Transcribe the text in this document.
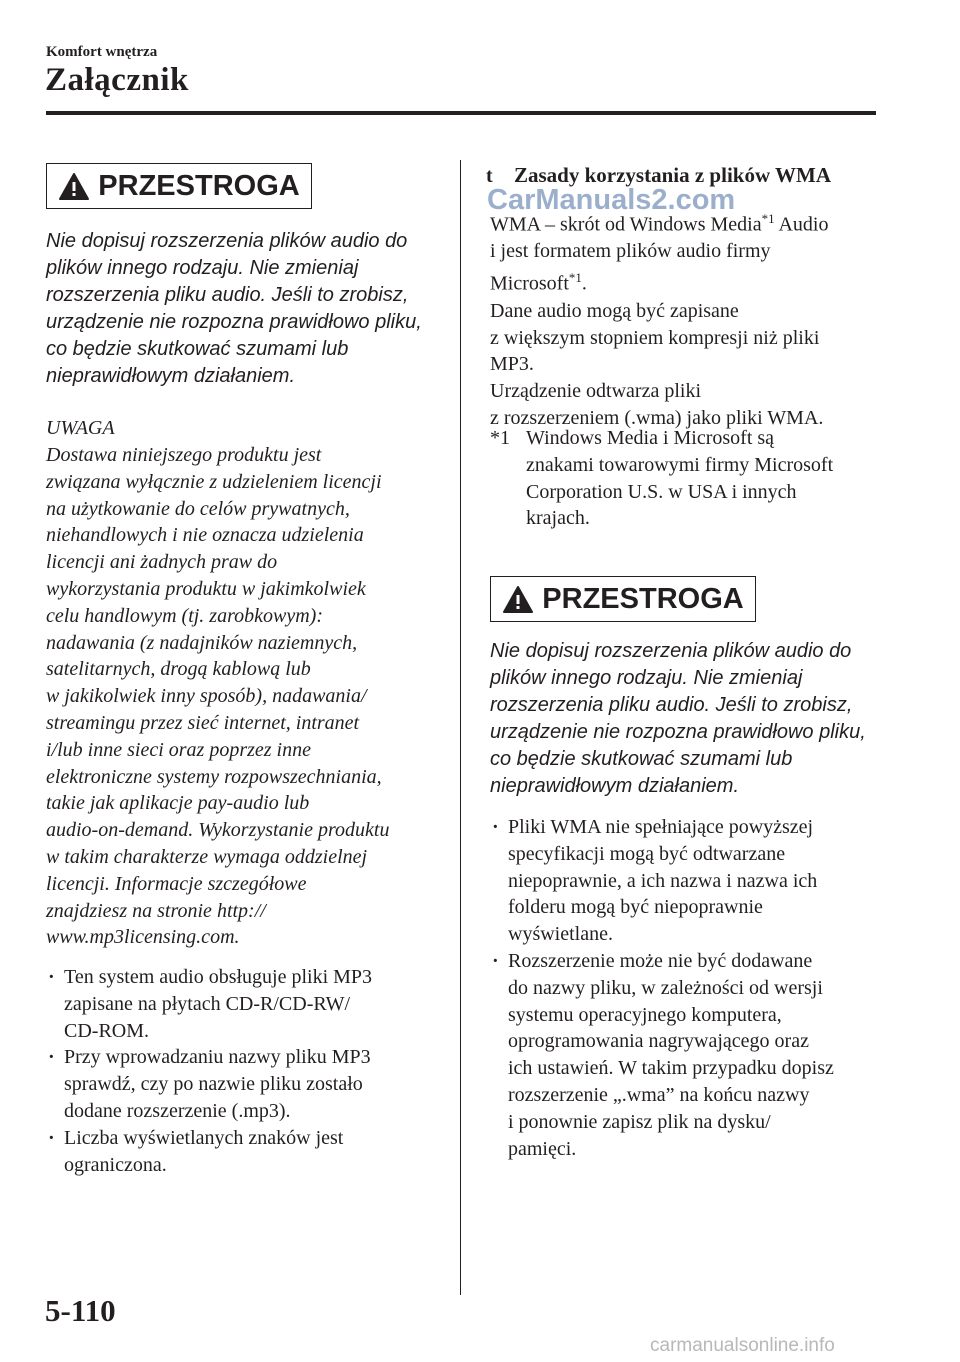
Komfort wnętrza
Załącznik
PRZESTROGA

Nie dopisuj rozszerzenia plików audio do
plików innego rodzaju. Nie zmieniaj
rozszerzenia pliku audio. Jeśli to zrobisz,
urządzenie nie rozpozna prawidłowo pliku,
co będzie skutkować szumami lub
nieprawidłowym działaniem.

UWAGA

Dostawa niniejszego produktu jest
związana wyłącznie z udzieleniem licencji
na użytkowanie do celów prywatnych,
niehandlowych i nie oznacza udzielenia
licencji ani żadnych praw do
wykorzystania produktu w jakimkolwiek
celu handlowym (tj. zarobkowym):
nadawania (z nadajników naziemnych,
satelitarnych, drogą kablową lub
w jakikolwiek inny sposób), nadawania/
streamingu przez sieć internet, intranet
i/lub inne sieci oraz poprzez inne
elektroniczne systemy rozpowszechniania,
takie jak aplikacje pay-audio lub
audio-on-demand. Wykorzystanie produktu
w takim charakterze wymaga oddzielnej
licencji. Informacje szczegółowe
znajdziesz na stronie http://
www.mp3licensing.com.

· Ten system audio obsługuje pliki MP3
zapisane na płytach CD-R/CD-RW/
CD-ROM.
· Przy wprowadzaniu nazwy pliku MP3
sprawdź, czy po nazwie pliku zostało
dodane rozszerzenie (.mp3).
· Liczba wyświetlanych znaków jest
ograniczona.
t Zasady korzystania z plików WMA
CarManuals2.com

WMA – skrót od Windows Media$^{*1}$ Audio
i jest formatem plików audio firmy
Microsoft$^{*1}$.
Dane audio mogą być zapisane
z większym stopniem kompresji niż pliki
MP3.
Urządzenie odtwarza pliki
z rozszerzeniem (.wma) jako pliki WMA.

*1 Windows Media i Microsoft są
znakami towarowymi firmy Microsoft
Corporation U.S. w USA i innych
krajach.
PRZESTROGA

Nie dopisuj rozszerzenia plików audio do
plików innego rodzaju. Nie zmieniaj
rozszerzenia pliku audio. Jeśli to zrobisz,
urządzenie nie rozpozna prawidłowo pliku,
co będzie skutkować szumami lub
nieprawidłowym działaniem.

· Pliki WMA nie spełniające powyższej
specyfikacji mogą być odtwarzane
niepoprawnie, a ich nazwa i nazwa ich
folderu mogą być niepoprawnie
wyświetlane.
· Rozszerzenie może nie być dodawane
do nazwy pliku, w zależności od wersji
systemu operacyjnego komputera,
oprogramowania nagrywającego oraz
ich ustawień. W takim przypadku dopisz
rozszerzenie „.wma” na końcu nazwy
i ponownie zapisz plik na dysku/
pamięci.
5-110
carmanualsonline.info
